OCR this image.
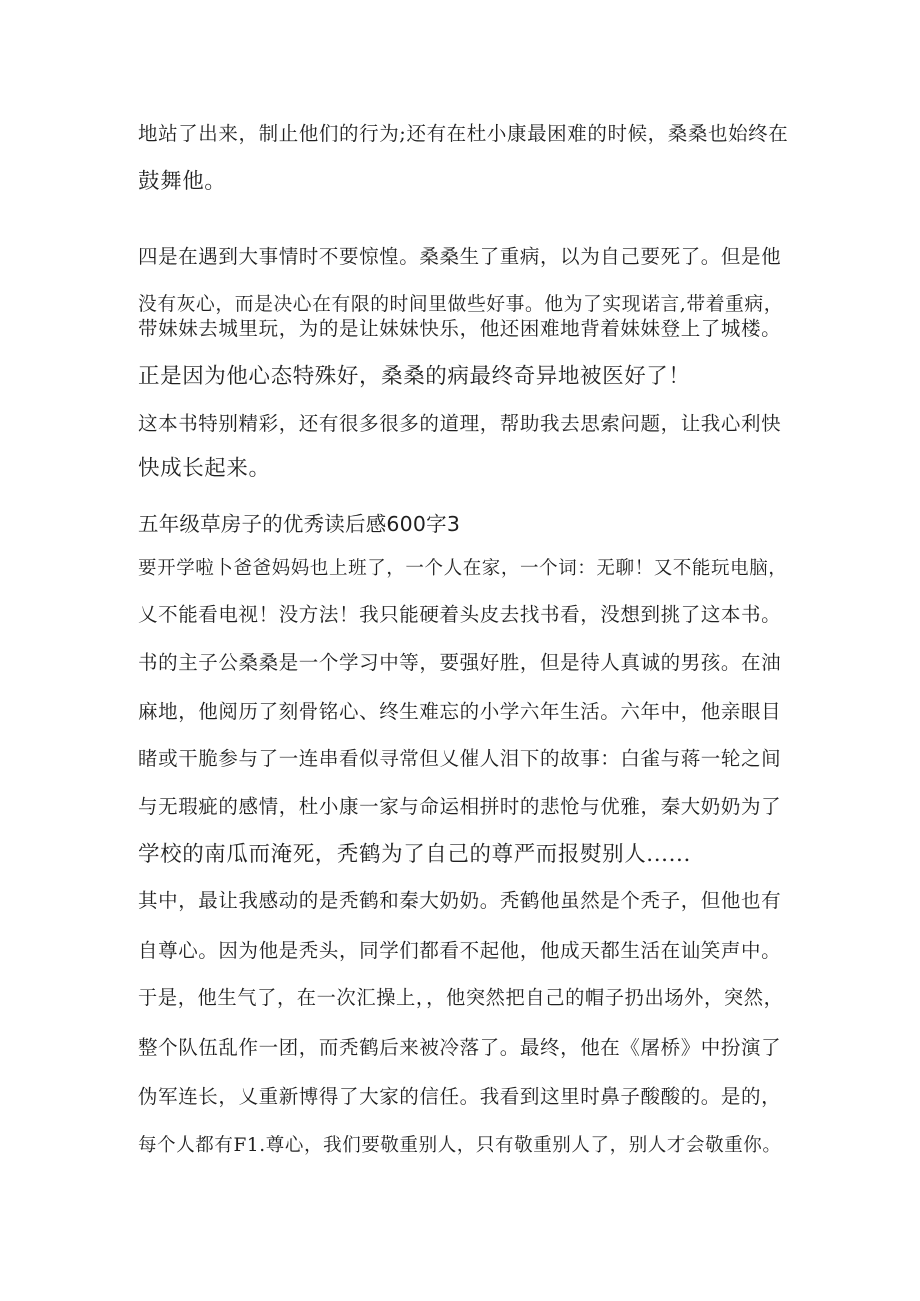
地站了出来，制止他们的行为;还有在杜小康最困难的时候，桑桑也始终在
鼓舞他。
四是在遇到大事情时不要惊惶。桑桑生了重病，以为自己要死了。但是他
没有灰心，而是决心在有限的时间里做些好事。他为了实现诺言,带着重病，
带妹妹去城里玩，为的是让妹妹快乐，他还困难地背着妹妹登上了城楼。
正是因为他心态特殊好，桑桑的病最终奇异地被医好了！
这本书特别精彩，还有很多很多的道理，帮助我去思索问题，让我心利快
快成长起来。
五年级草房子的优秀读后感600字3
要开学啦卜爸爸妈妈也上班了，一个人在家，一个词：无聊！又不能玩电脑，
乂不能看电视！没方法！我只能硬着头皮去找书看，没想到挑了这本书。
书的主子公桑桑是一个学习中等，要强好胜，但是待人真诚的男孩。在油
麻地，他阅历了刻骨铭心、终生难忘的小学六年生活。六年中，他亲眼目
睹或干脆参与了一连串看似寻常但乂催人泪下的故事：白雀与蒋一轮之间
与无瑕疵的感情，杜小康一家与命运相拼时的悲怆与优雅，秦大奶奶为了
学校的南瓜而淹死，秃鹤为了自己的尊严而报熨别人......
其中，最让我感动的是秃鹤和秦大奶奶。秃鹤他虽然是个秃子，但他也有
自尊心。因为他是秃头，同学们都看不起他，他成天都生活在讪笑声中。
于是，他生气了，在一次汇操上，，他突然把自己的帽子扔出场外，突然，
整个队伍乱作一团，而秃鹤后来被冷落了。最终，他在《屠桥》中扮演了
伪军连长，乂重新博得了大家的信任。我看到这里时鼻子酸酸的。是的，
每个人都有F1.尊心，我们要敬重别人，只有敬重别人了，别人才会敬重你。
